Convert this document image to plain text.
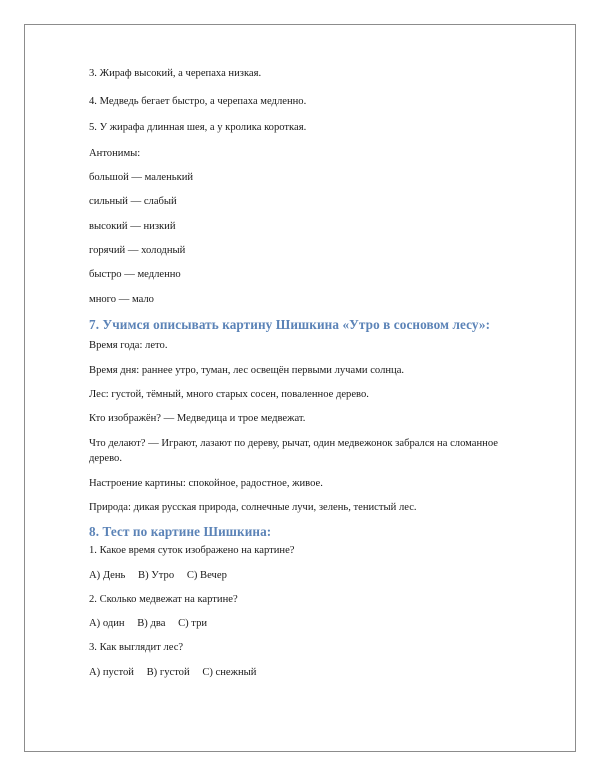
3. Жираф высокий, а черепаха низкая.
4. Медведь бегает быстро, а черепаха медленно.
5. У жирафа длинная шея, а у кролика короткая.
Антонимы:
большой — маленький
сильный — слабый
высокий — низкий
горячий — холодный
быстро — медленно
много — мало
7. Учимся описывать картину Шишкина «Утро в сосновом лесу»:
Время года: лето.
Время дня: раннее утро, туман, лес освещён первыми лучами солнца.
Лес: густой, тёмный, много старых сосен, поваленное дерево.
Кто изображён? — Медведица и трое медвежат.
Что делают? — Играют, лазают по дереву, рычат, один медвежонок забрался на сломанное дерево.
Настроение картины: спокойное, радостное, живое.
Природа: дикая русская природа, солнечные лучи, зелень, тенистый лес.
8. Тест по картине Шишкина:
1. Какое время суток изображено на картине?
A) День B) Утро C) Вечер
2. Сколько медвежат на картине?
A) один B) два C) три
3. Как выглядит лес?
A) пустой B) густой C) снежный
